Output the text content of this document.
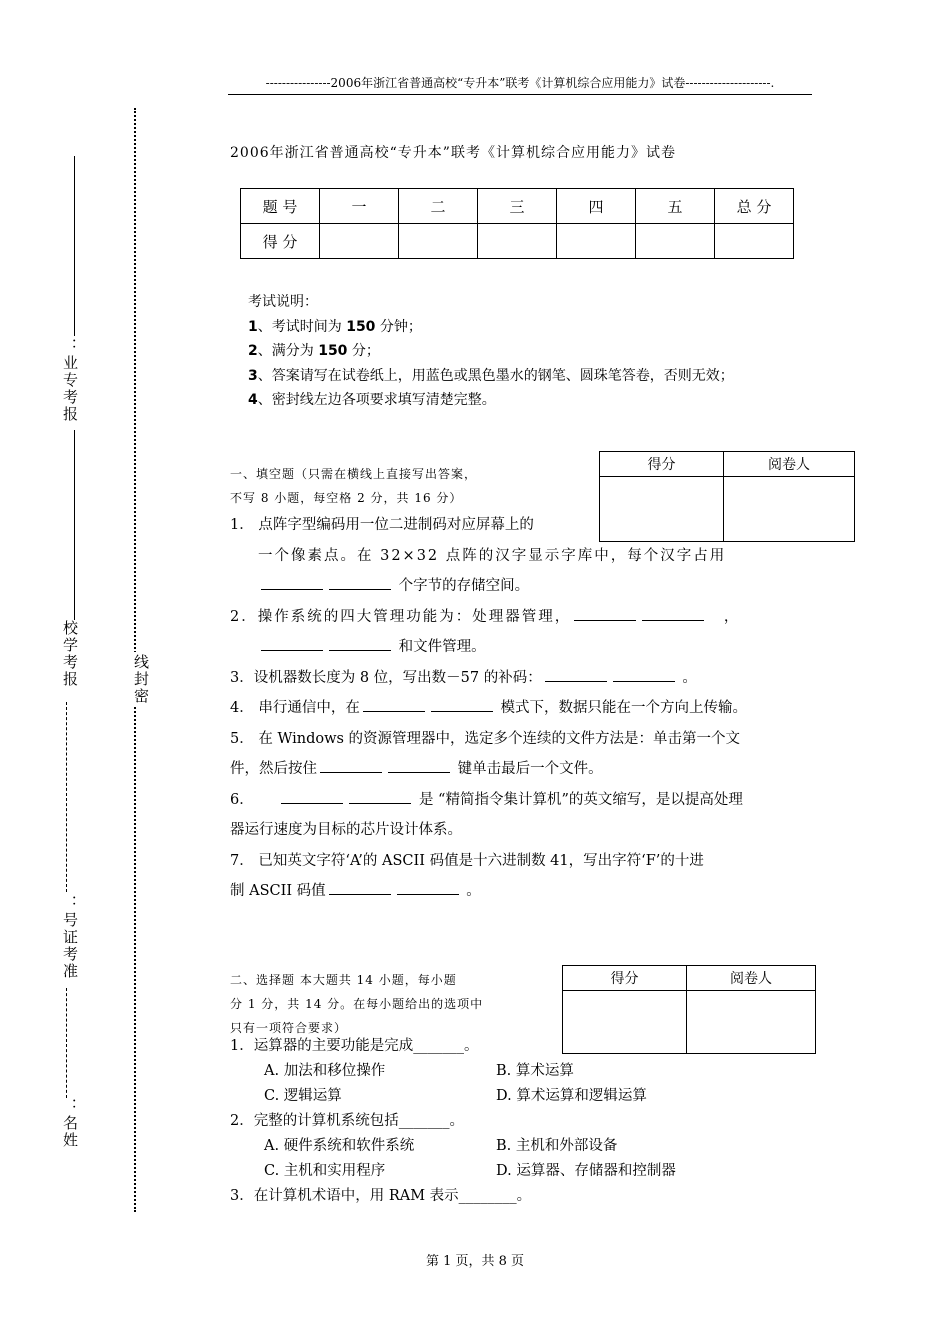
线封密
：业专考报
校学考报
：号证考准
：名姓
----------------2006年浙江省普通高校“专升本”联考《计算机综合应用能力》试卷---------------------.
2006年浙江省普通高校“专升本”联考《计算机综合应用能力》试卷
题 号	一	二	三	四	五	总 分
得 分						
考试说明：
1、考试时间为 150 分钟；
2、满分为 150 分；
3、答案请写在试卷纸上，用蓝色或黑色墨水的钢笔、圆珠笔答卷，否则无效；
4、密封线左边各项要求填写清楚完整。
得分	阅卷人

一、填空题（只需在横线上直接写出答案，
不写 8 小题，每空格 2 分，共 16 分）
1． 点阵字型编码用一位二进制码对应屏幕上的
一个像素点。在 32×32 点阵的汉字显示字库中，每个汉字占用
个字节的存储空间。
2．操作系统的四大管理功能为：处理器管理，	，
和文件管理。
3．设机器数长度为 8 位，写出数－57 的补码：	。
4． 串行通信中，在	模式下，数据只能在一个方向上传输。
5． 在 Windows 的资源管理器中，选定多个连续的文件方法是：单击第一个文
件，然后按住	键单击最后一个文件。
6．	是 “精简指令集计算机”的英文缩写，是以提高处理
器运行速度为目标的芯片设计体系。
7． 已知英文字符‘A’的 ASCII 码值是十六进制数 41，写出字符‘F’的十进
制 ASCII 码值	。
得分	阅卷人

二、选择题 本大题共 14 小题，每小题
分 1 分，共 14 分。在每小题给出的选项中
只有一项符合要求）
1．运算器的主要功能是完成_______。
A. 加法和移位操作	B. 算术运算
C. 逻辑运算	D. 算术运算和逻辑运算
2．完整的计算机系统包括_______。
A. 硬件系统和软件系统	B. 主机和外部设备
C. 主机和实用程序	D. 运算器、存储器和控制器
3．在计算机术语中，用 RAM 表示________。
第 1 页，共 8 页
